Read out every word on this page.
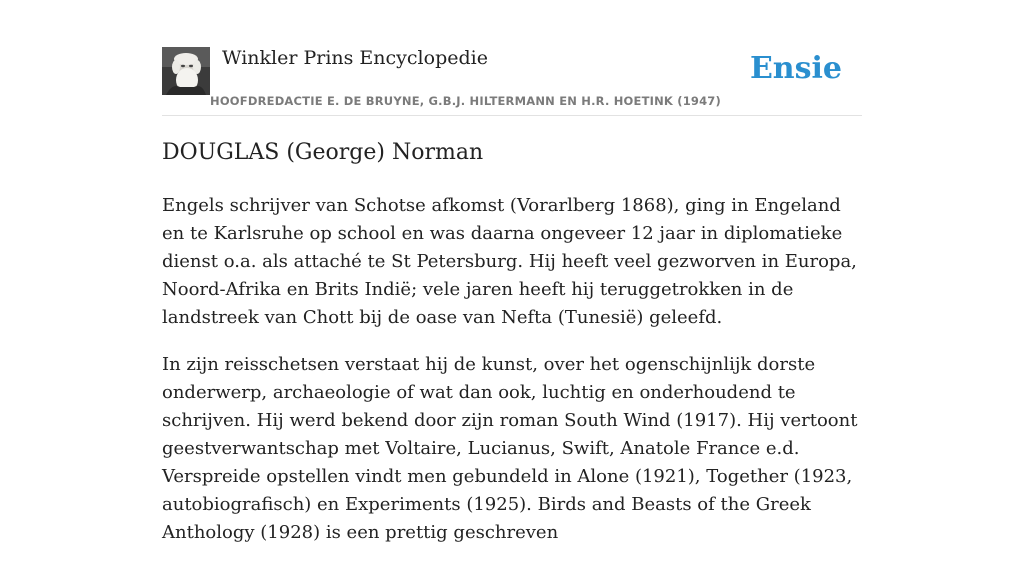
Winkler Prins Encyclopedie
HOOFDREDACTIE E. DE BRUYNE, G.B.J. HILTERMANN EN H.R. HOETINK (1947)
Ensie
DOUGLAS (George) Norman

Engels schrijver van Schotse afkomst (Vorarlberg 1868), ging in Engeland en te Karlsruhe op school en was daarna ongeveer 12 jaar in diplomatieke dienst o.a. als attaché te St Petersburg. Hij heeft veel gezworven in Europa, Noord-Afrika en Brits Indië; vele jaren heeft hij teruggetrokken in de landstreek van Chott bij de oase van Nefta (Tunesië) geleefd.

In zijn reisschetsen verstaat hij de kunst, over het ogenschijnlijk dorste onderwerp, archaeologie of wat dan ook, luchtig en onderhoudend te schrijven. Hij werd bekend door zijn roman South Wind (1917). Hij vertoont geestverwantschap met Voltaire, Lucianus, Swift, Anatole France e.d. Verspreide opstellen vindt men gebundeld in Alone (1921), Together (1923, autobiografisch) en Experiments (1925). Birds and Beasts of the Greek Anthology (1928) is een prettig geschreven
